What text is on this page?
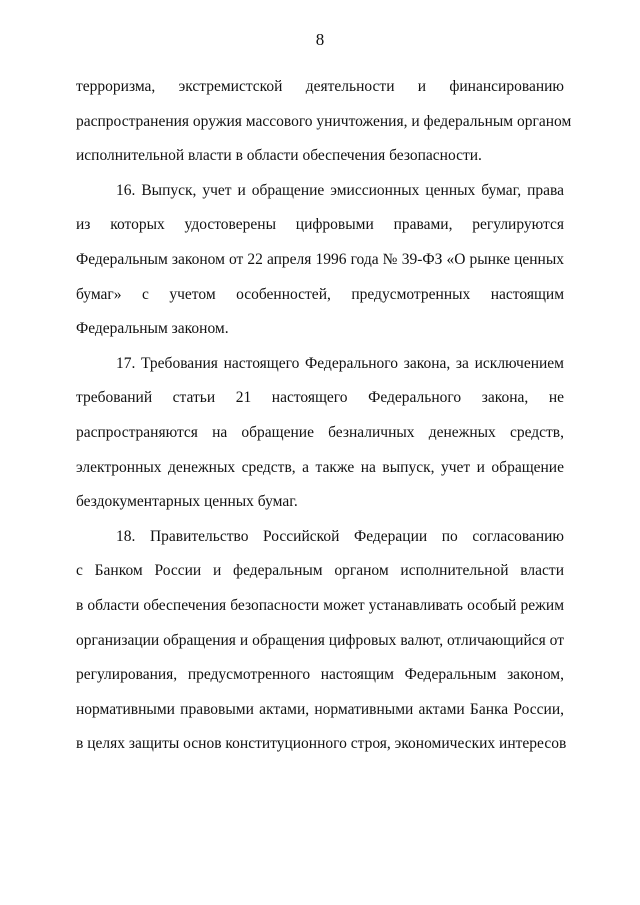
8

терроризма, экстремистской деятельности и финансированию
распространения оружия массового уничтожения, и федеральным органом
исполнительной власти в области обеспечения безопасности.

16. Выпуск, учет и обращение эмиссионных ценных бумаг, права
из которых удостоверены цифровыми правами, регулируются
Федеральным законом от 22 апреля 1996 года № 39-ФЗ «О рынке ценных
бумаг» с учетом особенностей, предусмотренных настоящим
Федеральным законом.

17. Требования настоящего Федерального закона, за исключением
требований статьи 21 настоящего Федерального закона, не
распространяются на обращение безналичных денежных средств,
электронных денежных средств, а также на выпуск, учет и обращение
бездокументарных ценных бумаг.

18. Правительство Российской Федерации по согласованию
с Банком России и федеральным органом исполнительной власти
в области обеспечения безопасности может устанавливать особый режим
организации обращения и обращения цифровых валют, отличающийся от
регулирования, предусмотренного настоящим Федеральным законом,
нормативными правовыми актами, нормативными актами Банка России,
в целях защиты основ конституционного строя, экономических интересов
